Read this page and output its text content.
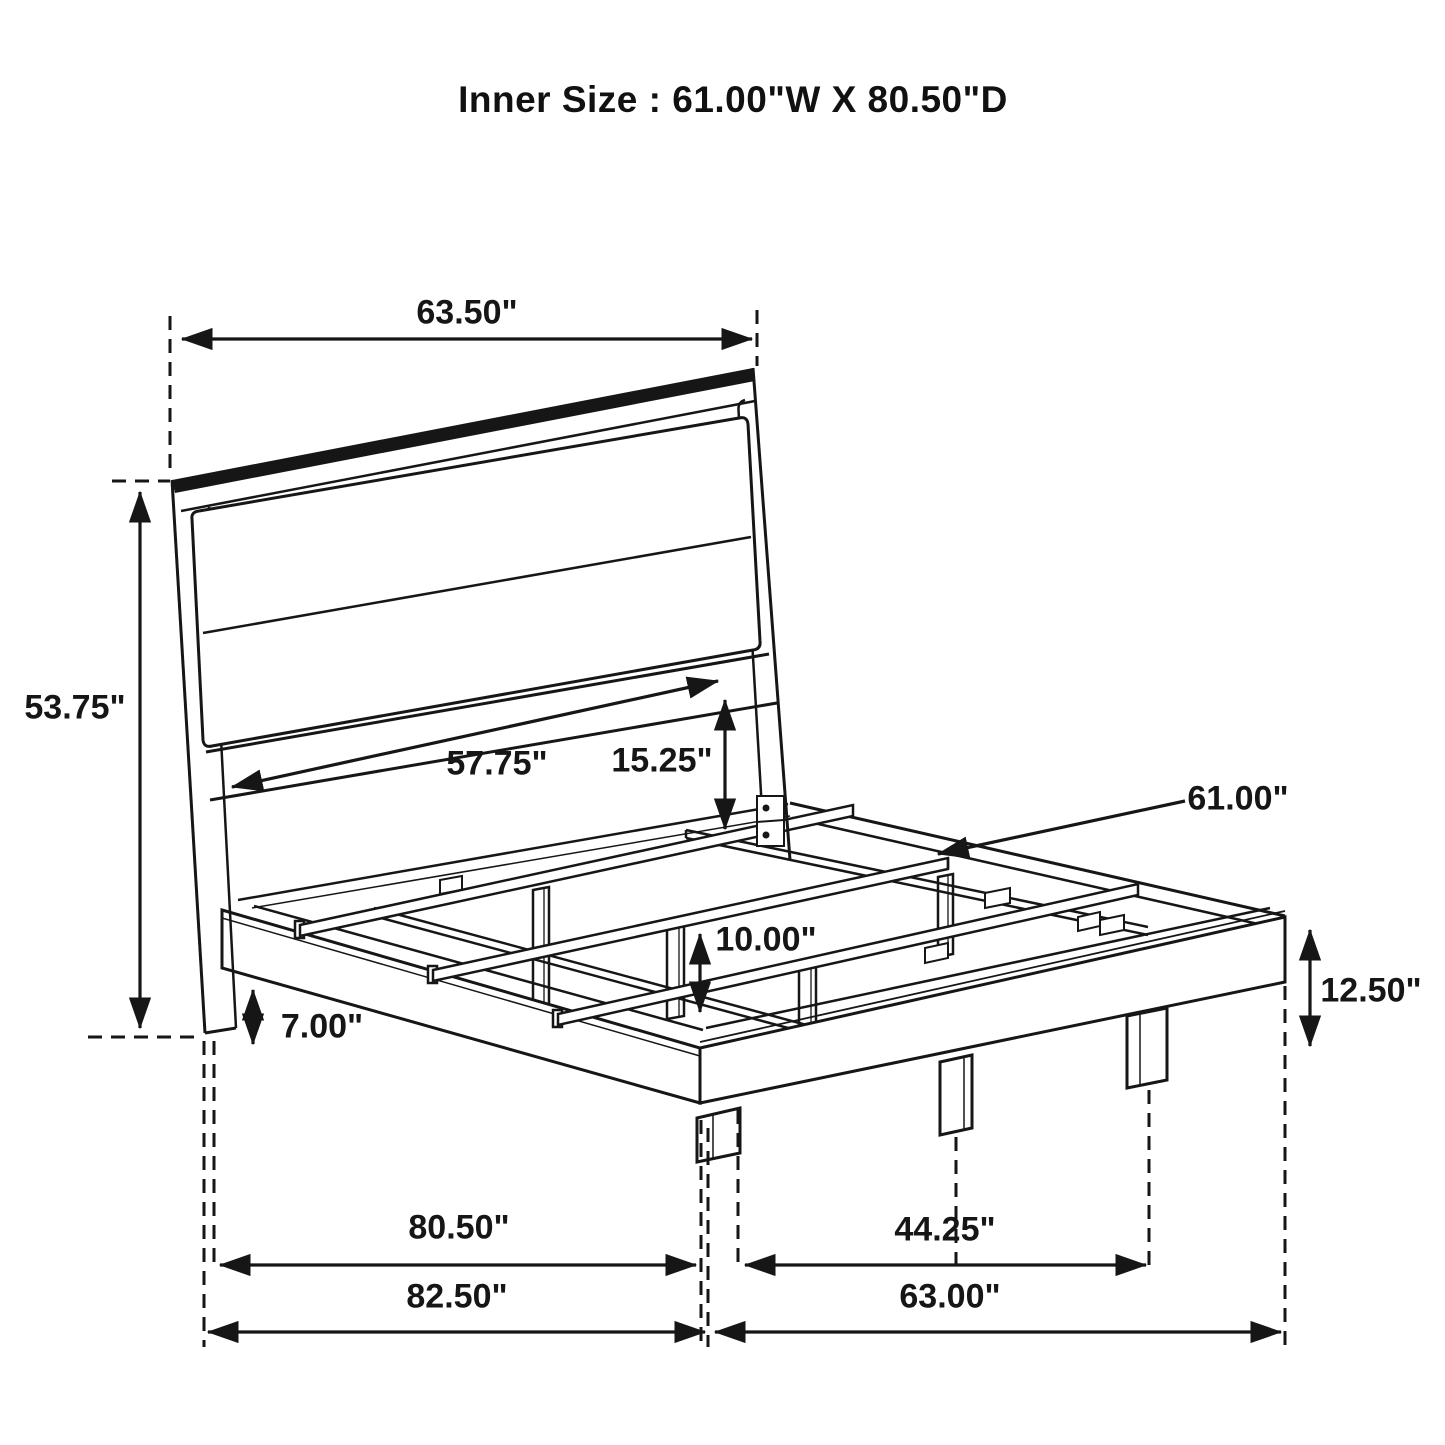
Inner Size : 61.00"W X 80.50"D
63.50"
53.75"
57.75" 15.25"
61.00"
10.00"
7.00"
12.50"
80.50"	44.25"
82.50"	63.00"
